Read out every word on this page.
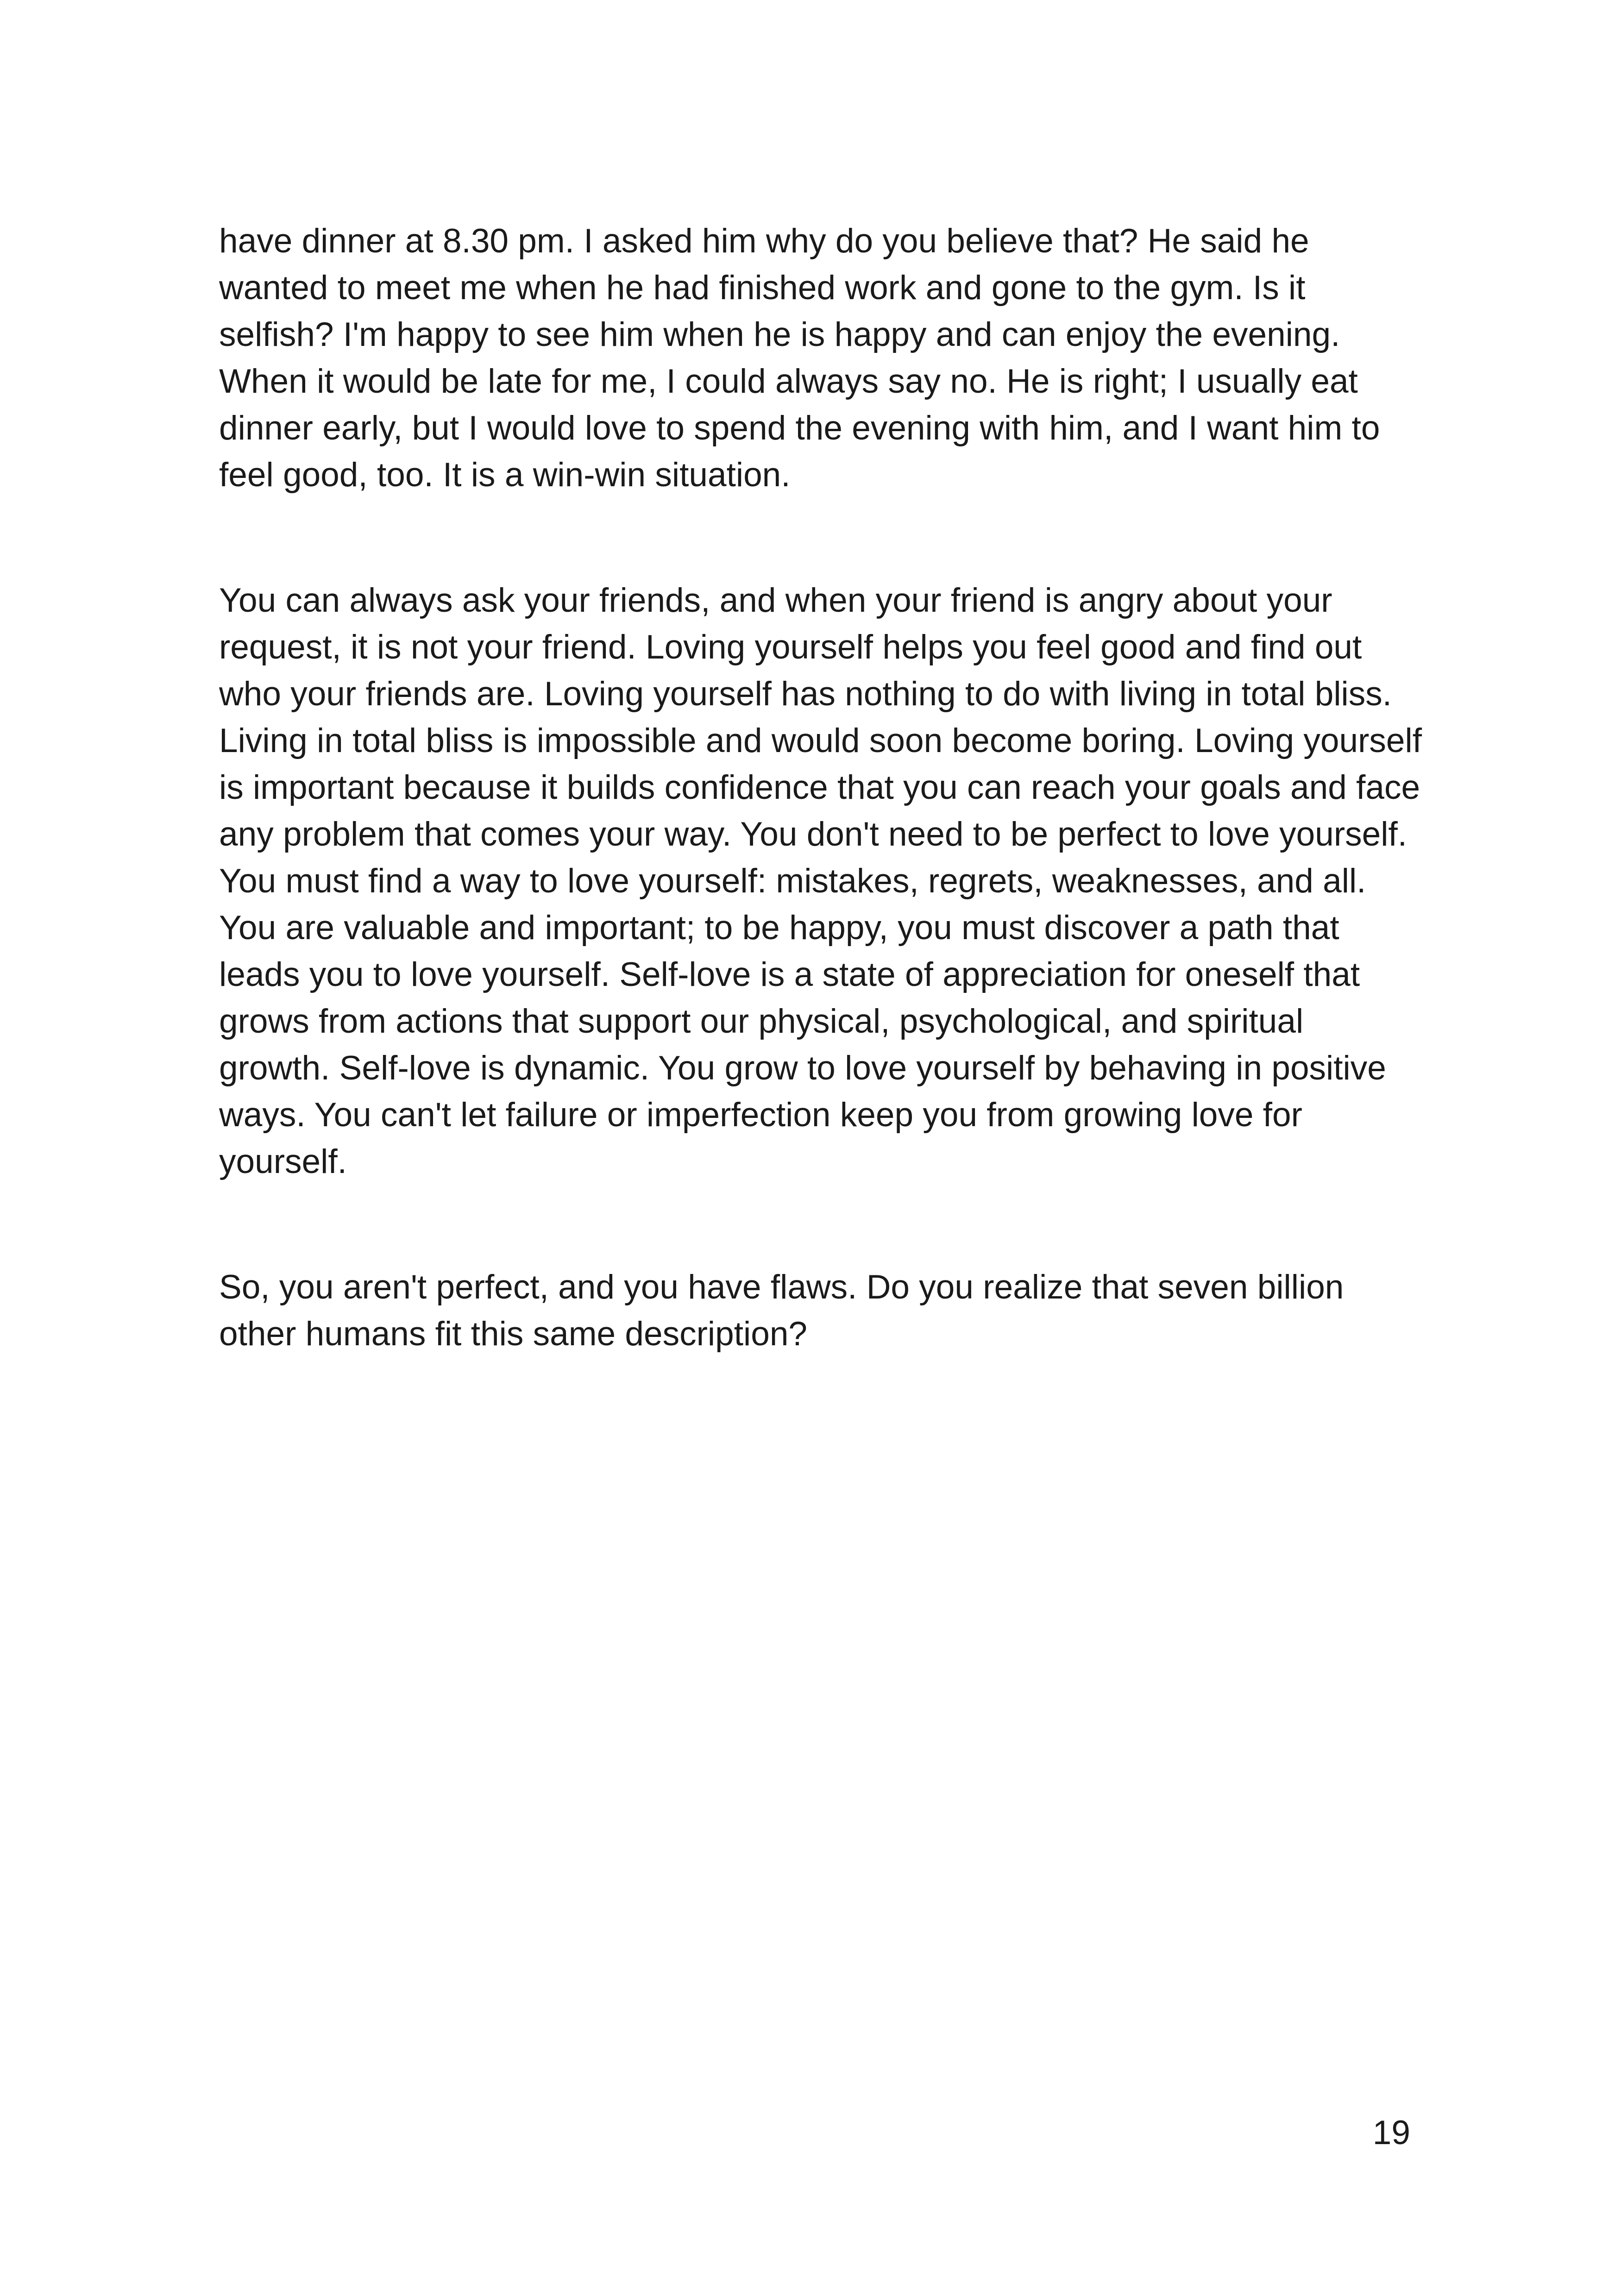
have dinner at 8.30 pm. I asked him why do you believe that? He said he wanted to meet me when he had finished work and gone to the gym. Is it selfish? I'm happy to see him when he is happy and can enjoy the evening. When it would be late for me, I could always say no. He is right; I usually eat dinner early, but I would love to spend the evening with him, and I want him to feel good, too. It is a win-win situation.

You can always ask your friends, and when your friend is angry about your request, it is not your friend. Loving yourself helps you feel good and find out who your friends are. Loving yourself has nothing to do with living in total bliss. Living in total bliss is impossible and would soon become boring. Loving yourself is important because it builds confidence that you can reach your goals and face any problem that comes your way. You don't need to be perfect to love yourself. You must find a way to love yourself: mistakes, regrets, weaknesses, and all. You are valuable and important; to be happy, you must discover a path that leads you to love yourself. Self-love is a state of appreciation for oneself that grows from actions that support our physical, psychological, and spiritual growth. Self-love is dynamic. You grow to love yourself by behaving in positive ways. You can't let failure or imperfection keep you from growing love for yourself.

So, you aren't perfect, and you have flaws. Do you realize that seven billion other humans fit this same description?

19
